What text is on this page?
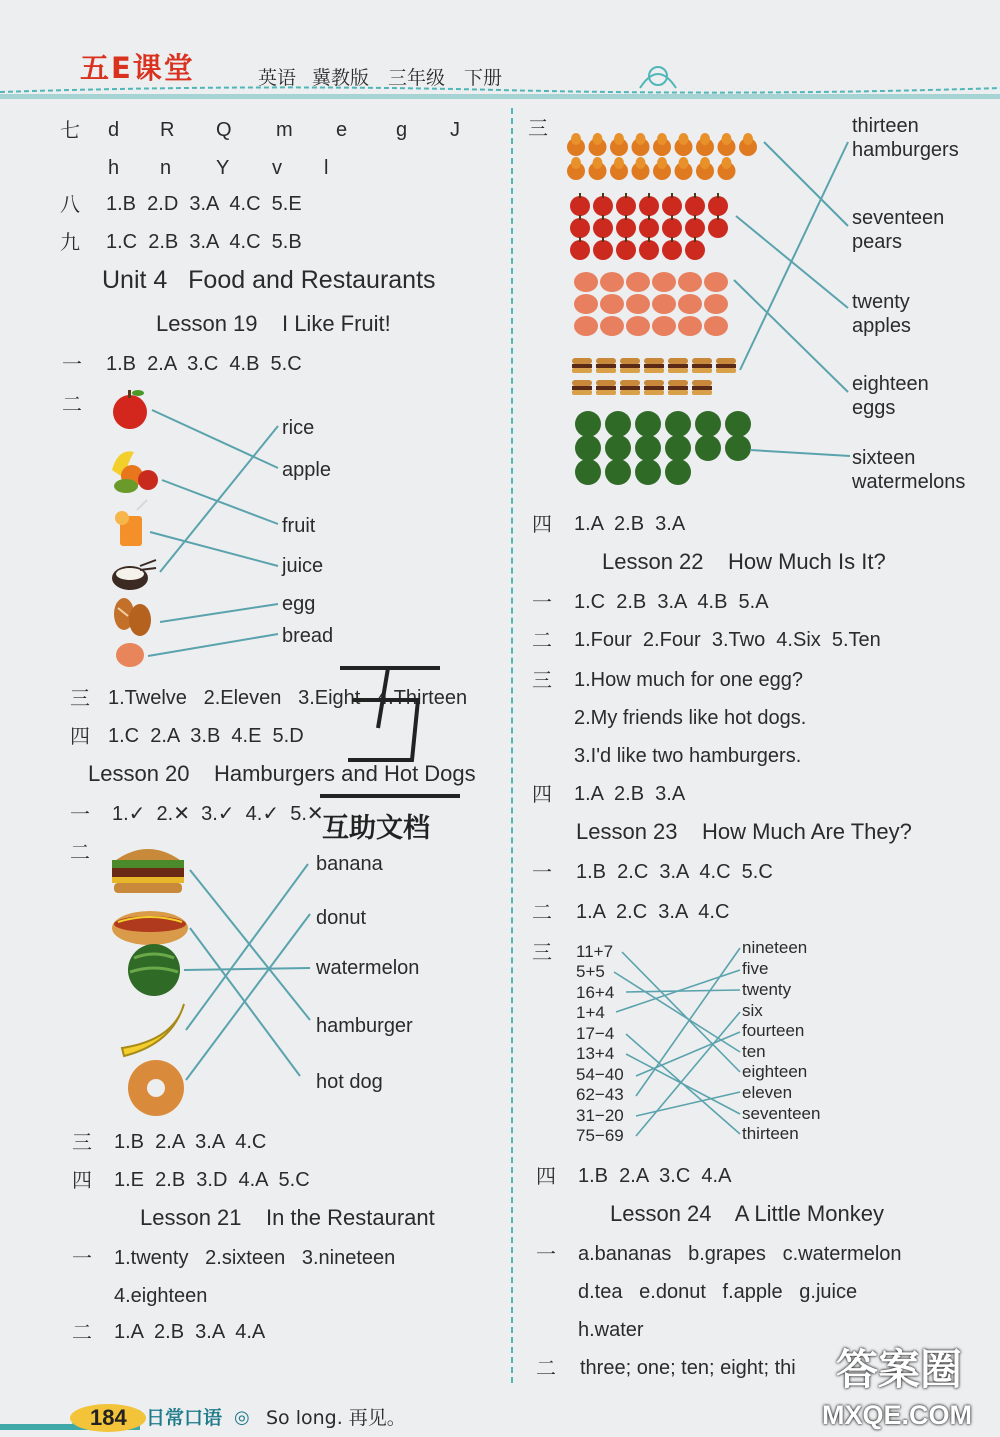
五E课堂	英语 冀教版 三年级 下册
七 d R Q m e g J
h n Y v l
八 1.B  2.D  3.A  4.C  5.E
九 1.C  2.B  3.A  4.C  5.B
Unit 4   Food and Restaurants
Lesson 19    I Like Fruit!
一 1.B  2.A  3.C  4.B  5.C
二
rice
apple
fruit
juice
egg
bread
三 1.Twelve   2.Eleven   3.Eight   4.Thirteen
四 1.C  2.A  3.B  4.E  5.D
Lesson 20    Hamburgers and Hot Dogs
一 1.✓  2.✕  3.✓  4.✓  5.✕
互助文档
二	banana
donut
watermelon
hamburger
hot dog
三 1.B  2.A  3.A  4.C
四 1.E  2.B  3.D  4.A  5.C
Lesson 21    In the Restaurant
一 1.twenty   2.sixteen   3.nineteen
4.eighteen
二 1.A  2.B  3.A  4.A
三	thirteen
hamburgers
seventeen
pears
twenty
apples
eighteen
eggs
sixteen
watermelons
四 1.A  2.B  3.A
Lesson 22    How Much Is It?
一 1.C  2.B  3.A  4.B  5.A
二 1.Four  2.Four  3.Two  4.Six  5.Ten
三 1.How much for one egg?
2.My friends like hot dogs.
3.I'd like two hamburgers.
四 1.A  2.B  3.A
Lesson 23    How Much Are They?
一 1.B  2.C  3.A  4.C  5.C
二 1.A  2.C  3.A  4.C
三 11+7
5+5
16+4
1+4
17−4
13+4
54−40
62−43
31−20
75−69
nineteen
five
twenty
six
fourteen
ten
eighteen
eleven
seventeen
thirteen
四 1.B  2.A  3.C  4.A
Lesson 24    A Little Monkey
一 a.bananas   b.grapes   c.watermelon
d.tea   e.donut   f.apple   g.juice
h.water
二 three; one; ten; eight; thi
184 日常口语 ◎ So long. 再见。
答案圈
MXQE.COM
